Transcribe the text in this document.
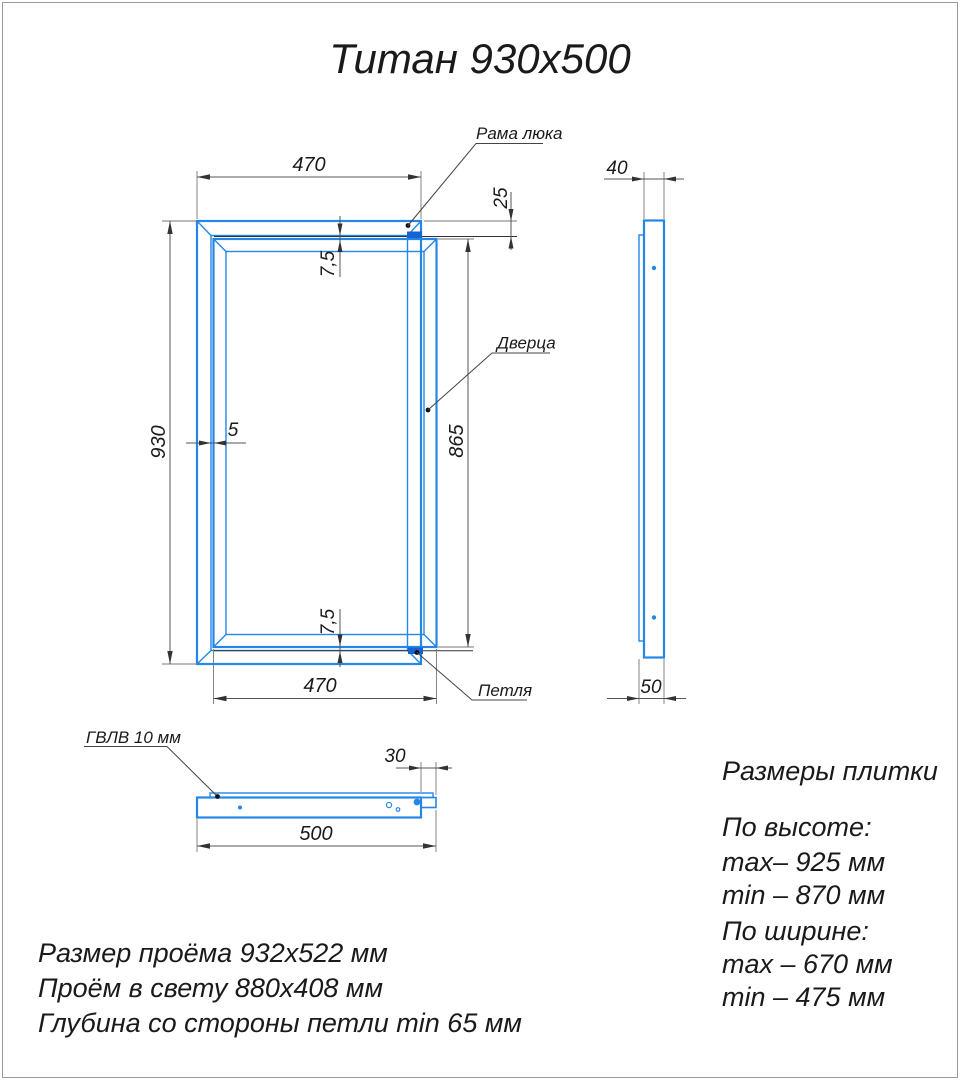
Титан 930x500
470
930	5
7,5
25
865
7,5
470
Рама люка
Дверца
Петля
40
50
30
500
ГВЛВ 10 мм
Размеры плитки
По высоте:
max– 925 мм
min – 870 мм
По ширине:
max – 670 мм
min – 475 мм
Размер проёма 932x522 мм
Проём в свету 880x408 мм
Глубина со стороны петли min 65 мм
